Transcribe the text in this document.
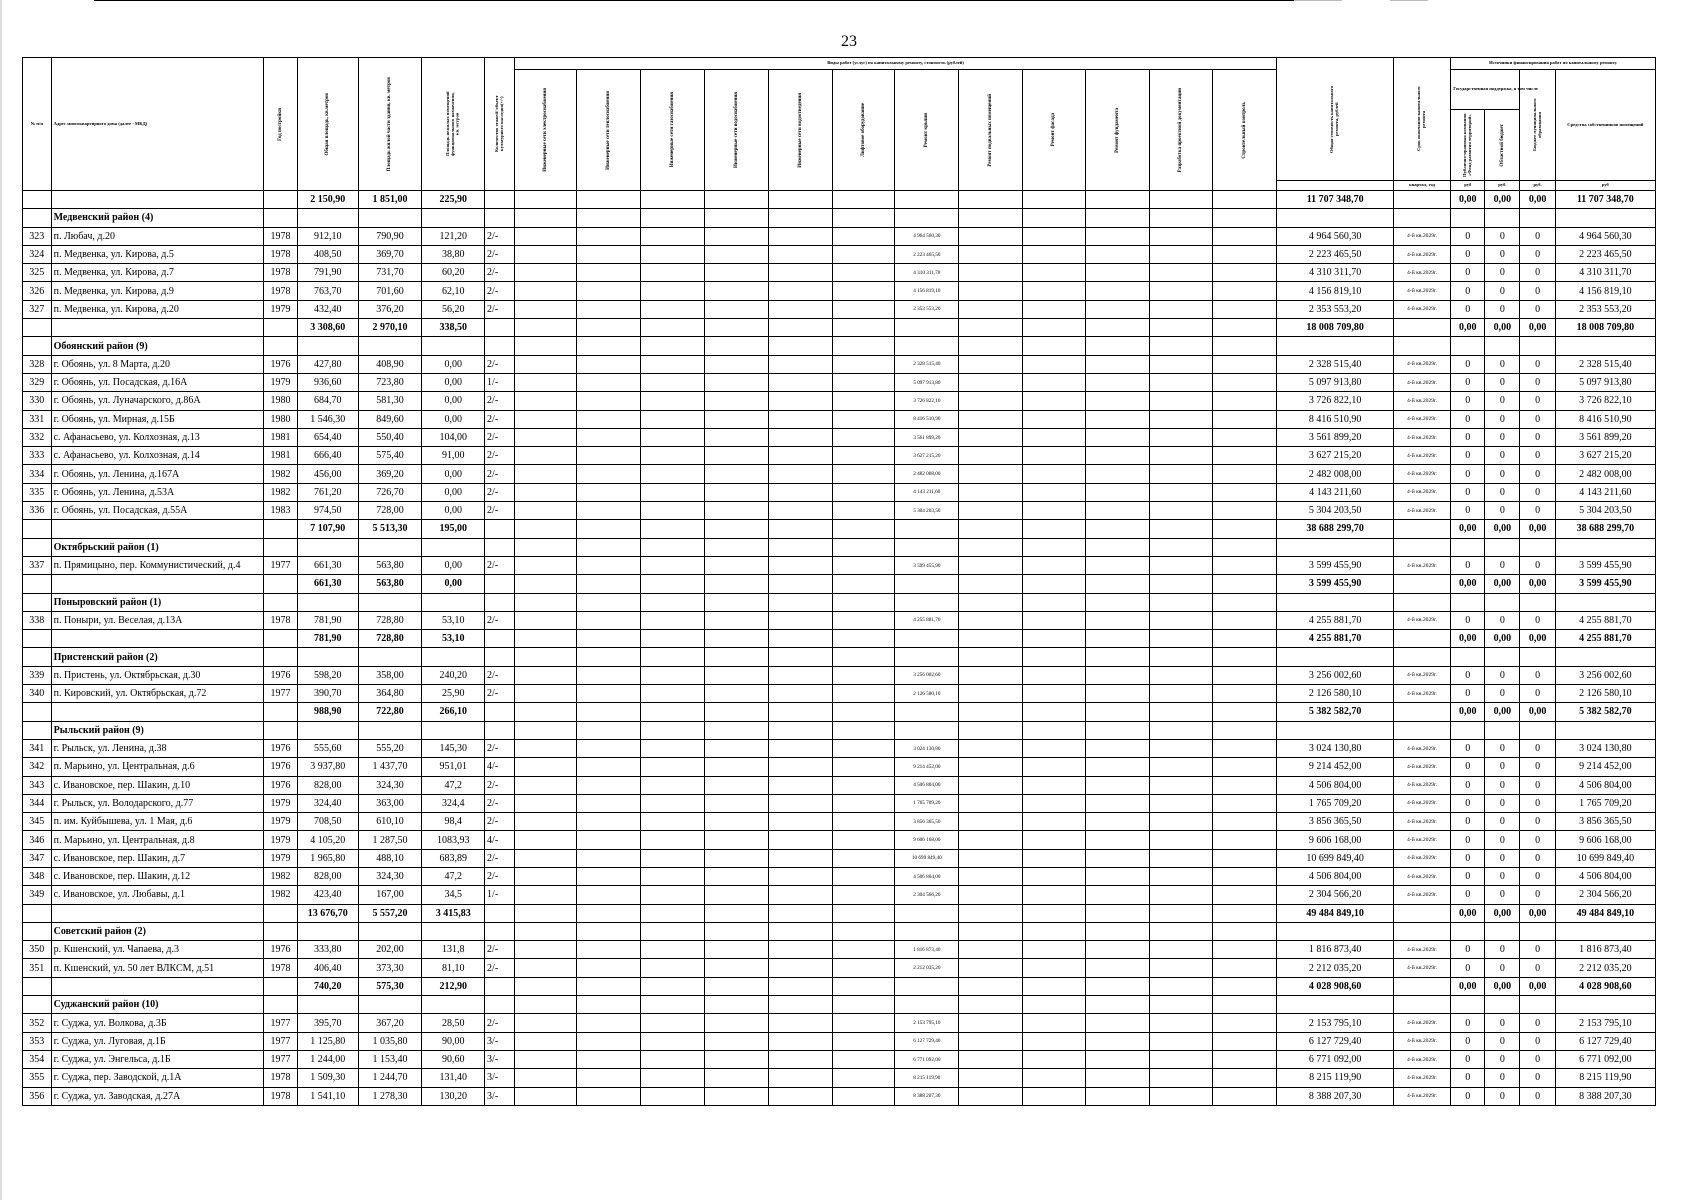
23
№ п/п	Адрес многоквартирного дома (далее - МКД)	Год постройки	Общая площадь, кв.метров	Площадь жилой части здания, кв. метров	Площадь нежилых помещений функционального назначения, кв. метров	Количество этажей/ объект культурного наследия(+/-)	Виды работ (услуг) по капитальному ремонту, стоимость (рублей)												Общая стоимость капитального ремонта, рублей	Срок окончания капитального ремонта	Источники финансирования работ по капитальному ремонту			

							Инженерные сети электроснабжения	Инженерные сети теплоснабжения	Инженерные сети газоснабжения	Инженерные сети водоснабжения	Инженерные сети водоотведения	Лифтовое оборудование	Ремонт крыши	Ремонт подвальных помещений	Ремонт фасада	Ремонт фундамента	Разработка проектной документации	Строительный контроль			Государственная поддержка, в том числе		Бюджет муниципального образования	Средства собственников помещений

																					Публично-правовая компания «Фонд развития территорий»	Областной бюджет		

																				квартал, год	руб	руб.	руб.	руб
			2 150,90	1 851,00	225,90														11 707 348,70		0,00	0,00	0,00	11 707 348,70
	Медвенский район (4)																							
323	п. Любач, д.20	1978	912,10	790,90	121,20	2/-							4 964 560,30						4 964 560,30	4-й кв.2029г.	0	0	0	4 964 560,30
324	п. Медвенка, ул. Кирова, д.5	1978	408,50	369,70	38,80	2/-							2 223 465,50						2 223 465,50	4-й кв.2029г.	0	0	0	2 223 465,50
325	п. Медвенка, ул. Кирова, д.7	1978	791,90	731,70	60,20	2/-							4 310 311,70						4 310 311,70	4-й кв.2029г.	0	0	0	4 310 311,70
326	п. Медвенка, ул. Кирова, д.9	1978	763,70	701,60	62,10	2/-							4 156 819,10						4 156 819,10	4-й кв.2029г.	0	0	0	4 156 819,10
327	п. Медвенка, ул. Кирова, д.20	1979	432,40	376,20	56,20	2/-							2 353 553,20						2 353 553,20	4-й кв.2029г.	0	0	0	2 353 553,20
			3 308,60	2 970,10	338,50														18 008 709,80		0,00	0,00	0,00	18 008 709,80
	Обоянский район (9)																							
328	г. Обоянь, ул. 8 Марта, д.20	1976	427,80	408,90	0,00	2/-							2 328 515,40						2 328 515,40	4-й кв.2029г.	0	0	0	2 328 515,40
329	г. Обоянь, ул. Посадская, д.16А	1979	936,60	723,80	0,00	1/-							5 097 913,80						5 097 913,80	4-й кв.2029г.	0	0	0	5 097 913,80
330	г. Обоянь, ул. Луначарского, д.86А	1980	684,70	581,30	0,00	2/-							3 726 822,10						3 726 822,10	4-й кв.2029г.	0	0	0	3 726 822,10
331	г. Обоянь, ул. Мирная, д.15Б	1980	1 546,30	849,60	0,00	2/-							8 416 510,90						8 416 510,90	4-й кв.2029г.	0	0	0	8 416 510,90
332	с. Афанасьево, ул. Колхозная, д.13	1981	654,40	550,40	104,00	2/-							3 561 899,20						3 561 899,20	4-й кв.2029г.	0	0	0	3 561 899,20
333	с. Афанасьево, ул. Колхозная, д.14	1981	666,40	575,40	91,00	2/-							3 627 215,20						3 627 215,20	4-й кв.2029г.	0	0	0	3 627 215,20
334	г. Обоянь, ул. Ленина, д.167А	1982	456,00	369,20	0,00	2/-							2 482 008,00						2 482 008,00	4-й кв.2029г.	0	0	0	2 482 008,00
335	г. Обоянь, ул. Ленина, д.53А	1982	761,20	726,70	0,00	2/-							4 143 211,60						4 143 211,60	4-й кв.2029г.	0	0	0	4 143 211,60
336	г. Обоянь, ул. Посадская, д.55А	1983	974,50	728,00	0,00	2/-							5 304 203,50						5 304 203,50	4-й кв.2029г.	0	0	0	5 304 203,50
			7 107,90	5 513,30	195,00														38 688 299,70		0,00	0,00	0,00	38 688 299,70
	Октябрьский район (1)																							
337	п. Прямицыно, пер. Коммунистический, д.4	1977	661,30	563,80	0,00	2/-							3 599 455,90						3 599 455,90	4-й кв.2029г.	0	0	0	3 599 455,90
			661,30	563,80	0,00														3 599 455,90		0,00	0,00	0,00	3 599 455,90
	Поныровский район (1)																							
338	п. Поныри, ул. Веселая, д.13А	1978	781,90	728,80	53,10	2/-							4 255 881,70						4 255 881,70	4-й кв.2029г.	0	0	0	4 255 881,70
			781,90	728,80	53,10														4 255 881,70		0,00	0,00	0,00	4 255 881,70
	Пристенский район (2)																							
339	п. Пристень, ул. Октябрьская, д.30	1976	598,20	358,00	240,20	2/-							3 256 002,60						3 256 002,60	4-й кв.2029г.	0	0	0	3 256 002,60
340	п. Кировский, ул. Октябрьская, д.72	1977	390,70	364,80	25,90	2/-							2 126 580,10						2 126 580,10	4-й кв.2029г.	0	0	0	2 126 580,10
			988,90	722,80	266,10														5 382 582,70		0,00	0,00	0,00	5 382 582,70
	Рыльский район (9)																							
341	г. Рыльск, ул. Ленина, д.38	1976	555,60	555,20	145,30	2/-							3 024 130,80						3 024 130,80	4-й кв.2029г.	0	0	0	3 024 130,80
342	п. Марьино, ул. Центральная, д.6	1976	3 937,80	1 437,70	951,01	4/-							9 214 452,00						9 214 452,00	4-й кв.2029г.	0	0	0	9 214 452,00
343	с. Ивановское, пер. Шакин, д.10	1976	828,00	324,30	47,2	2/-							4 506 804,00						4 506 804,00	4-й кв.2029г.	0	0	0	4 506 804,00
344	г. Рыльск, ул. Володарского, д.77	1979	324,40	363,00	324,4	2/-							1 765 709,20						1 765 709,20	4-й кв.2029г.	0	0	0	1 765 709,20
345	п. им. Куйбышева, ул. 1 Мая, д.6	1979	708,50	610,10	98,4	2/-							3 856 365,50						3 856 365,50	4-й кв.2029г.	0	0	0	3 856 365,50
346	п. Марьино, ул. Центральная, д.8	1979	4 105,20	1 287,50	1083,93	4/-							9 606 168,00						9 606 168,00	4-й кв.2029г.	0	0	0	9 606 168,00
347	с. Ивановское, пер. Шакин, д.7	1979	1 965,80	488,10	683,89	2/-							10 699 849,40						10 699 849,40	4-й кв.2029г.	0	0	0	10 699 849,40
348	с. Ивановское, пер. Шакин, д.12	1982	828,00	324,30	47,2	2/-							4 506 804,00						4 506 804,00	4-й кв.2029г.	0	0	0	4 506 804,00
349	с. Ивановское, ул. Любавы, д.1	1982	423,40	167,00	34,5	1/-							2 304 566,20						2 304 566,20	4-й кв.2029г.	0	0	0	2 304 566,20
			13 676,70	5 557,20	3 415,83														49 484 849,10		0,00	0,00	0,00	49 484 849,10
	Советский район (2)																							
350	р. Кшенский, ул. Чапаева, д.3	1976	333,80	202,00	131,8	2/-							1 816 873,40						1 816 873,40	4-й кв.2029г.	0	0	0	1 816 873,40
351	п. Кшенский, ул. 50 лет ВЛКСМ, д.51	1978	406,40	373,30	81,10	2/-							2 212 035,20						2 212 035,20	4-й кв.2029г.	0	0	0	2 212 035,20
			740,20	575,30	212,90														4 028 908,60		0,00	0,00	0,00	4 028 908,60
	Суджанский район (10)																							
352	г. Суджа, ул. Волкова, д.3Б	1977	395,70	367,20	28,50	2/-							2 153 795,10						2 153 795,10	4-й кв.2029г.	0	0	0	2 153 795,10
353	г. Суджа, ул. Луговая, д.1Б	1977	1 125,80	1 035,80	90,00	3/-							6 127 729,40						6 127 729,40	4-й кв.2029г.	0	0	0	6 127 729,40
354	г. Суджа, ул. Энгельса, д.1Б	1977	1 244,00	1 153,40	90,60	3/-							6 771 092,00						6 771 092,00	4-й кв.2029г.	0	0	0	6 771 092,00
355	г. Суджа, пер. Заводской, д.1А	1978	1 509,30	1 244,70	131,40	3/-							8 215 119,90						8 215 119,90	4-й кв.2029г.	0	0	0	8 215 119,90
356	г. Суджа, ул. Заводская, д.27А	1978	1 541,10	1 278,30	130,20	3/-							8 388 207,30						8 388 207,30	4-й кв.2029г.	0	0	0	8 388 207,30
